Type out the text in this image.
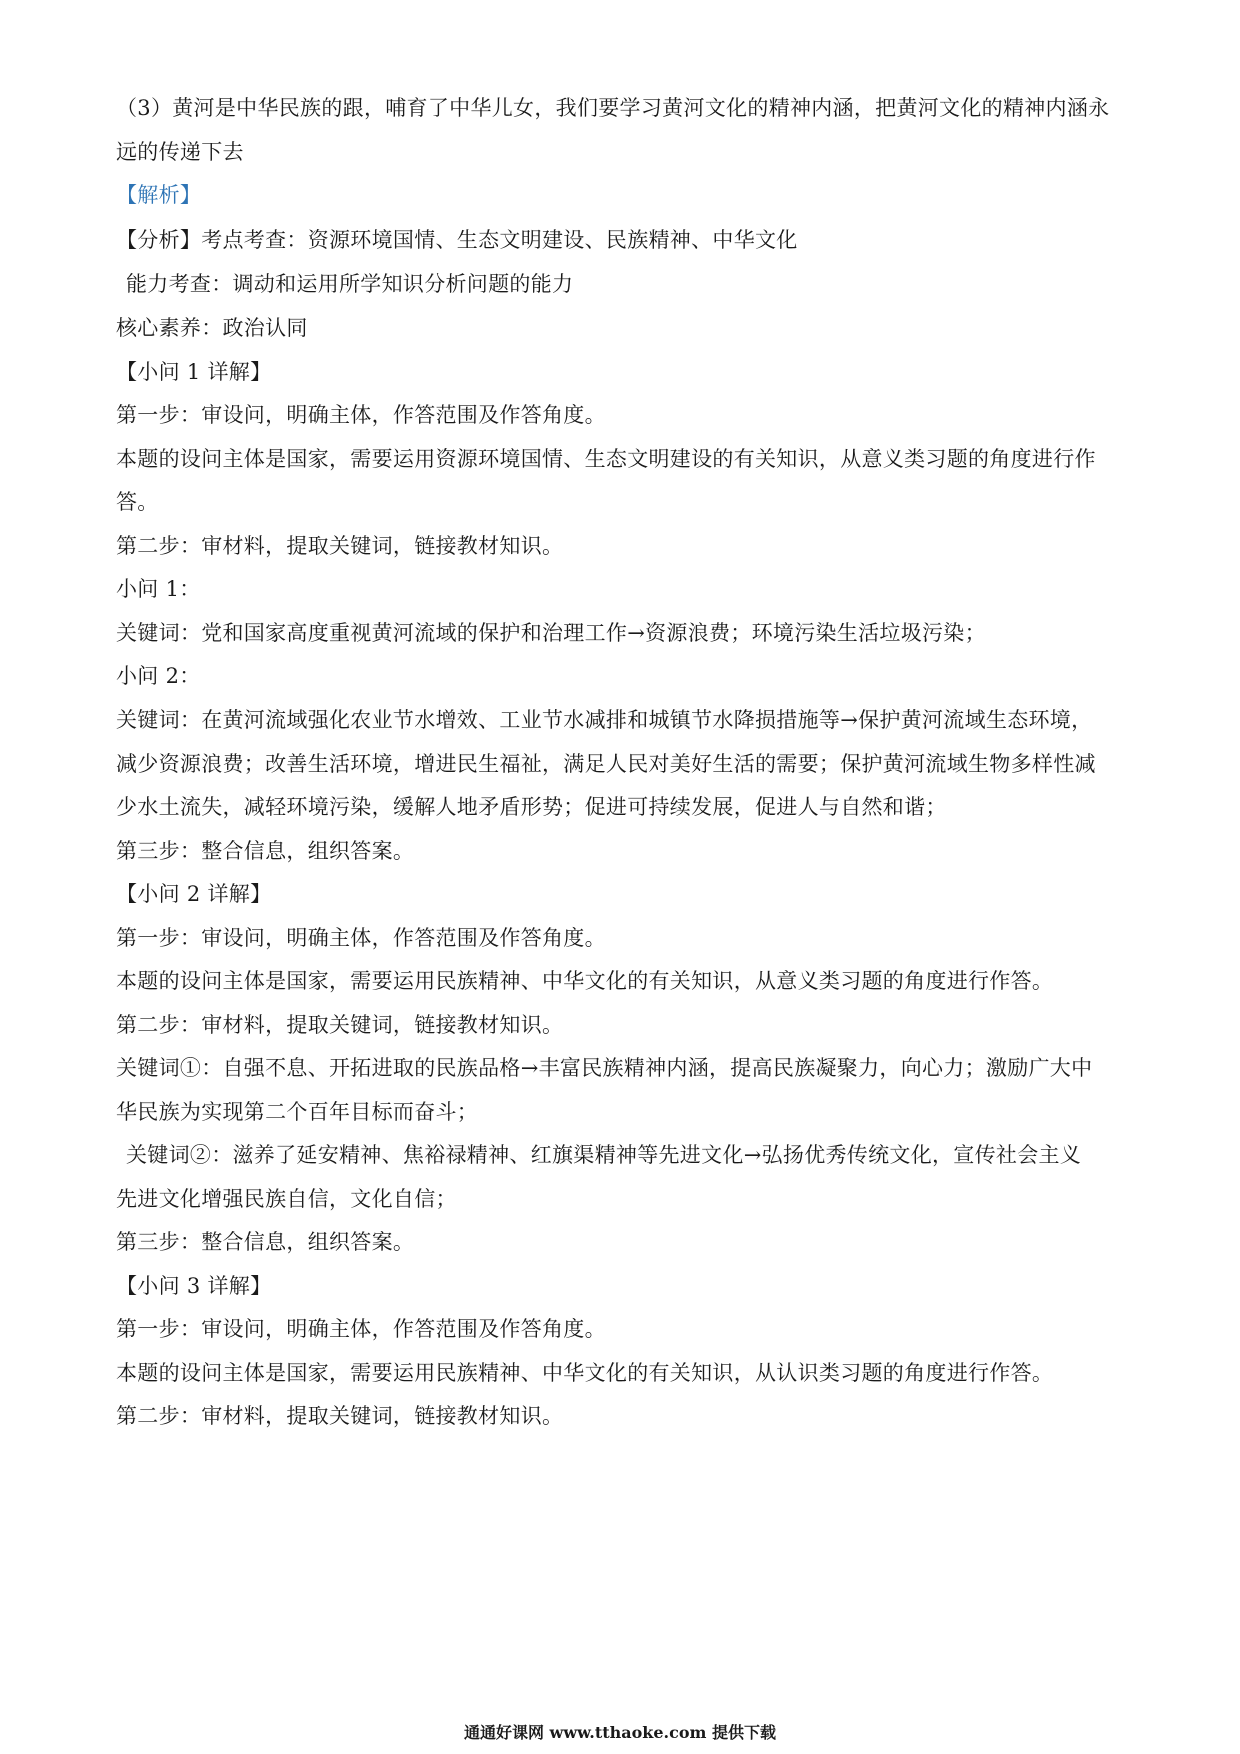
（3）黄河是中华民族的跟，哺育了中华儿女，我们要学习黄河文化的精神内涵，把黄河文化的精神内涵永
远的传递下去
【解析】
【分析】考点考查：资源环境国情、生态文明建设、民族精神、中华文化
能力考查：调动和运用所学知识分析问题的能力
核心素养：政治认同
【小问 1 详解】
第一步：审设问，明确主体，作答范围及作答角度。
本题的设问主体是国家，需要运用资源环境国情、生态文明建设的有关知识，从意义类习题的角度进行作
答。
第二步：审材料，提取关键词，链接教材知识。
小问 1：
关键词：党和国家高度重视黄河流域的保护和治理工作→资源浪费；环境污染生活垃圾污染；
小问 2：
关键词：在黄河流域强化农业节水增效、工业节水减排和城镇节水降损措施等→保护黄河流域生态环境，
减少资源浪费；改善生活环境，增进民生福祉，满足人民对美好生活的需要；保护黄河流域生物多样性减
少水土流失，减轻环境污染，缓解人地矛盾形势；促进可持续发展，促进人与自然和谐；
第三步：整合信息，组织答案。
【小问 2 详解】
第一步：审设问，明确主体，作答范围及作答角度。
本题的设问主体是国家，需要运用民族精神、中华文化的有关知识，从意义类习题的角度进行作答。
第二步：审材料，提取关键词，链接教材知识。
关键词①：自强不息、开拓进取的民族品格→丰富民族精神内涵，提高民族凝聚力，向心力；激励广大中
华民族为实现第二个百年目标而奋斗；
关键词②：滋养了延安精神、焦裕禄精神、红旗渠精神等先进文化→弘扬优秀传统文化，宣传社会主义
先进文化增强民族自信，文化自信；
第三步：整合信息，组织答案。
【小问 3 详解】
第一步：审设问，明确主体，作答范围及作答角度。
本题的设问主体是国家，需要运用民族精神、中华文化的有关知识，从认识类习题的角度进行作答。
第二步：审材料，提取关键词，链接教材知识。
通通好课网 www.tthaoke.com 提供下载
